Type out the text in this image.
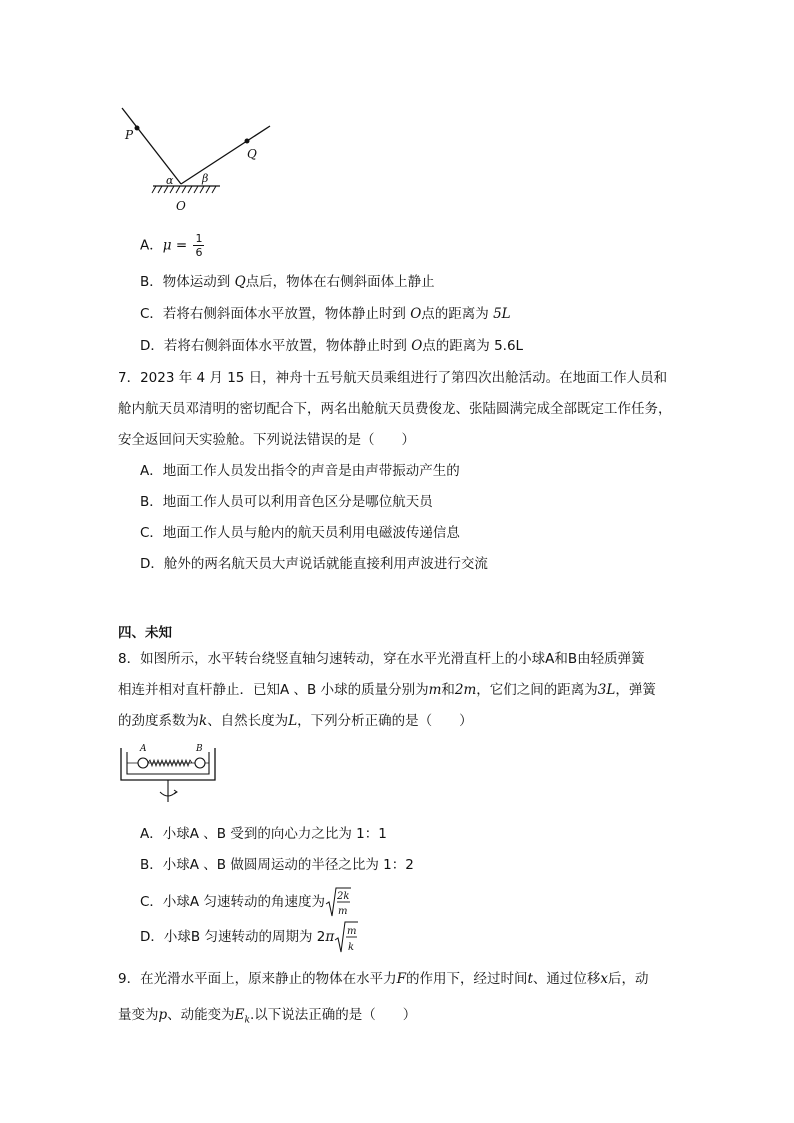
P
Q
α	β
O
A．$\mu = \frac{1}{6}$
B．物体运动到 Q点后，物体在右侧斜面体上静止
C．若将右侧斜面体水平放置，物体静止时到 O点的距离为 5L
D．若将右侧斜面体水平放置，物体静止时到 O点的距离为 5.6L
7．2023 年 4 月 15 日，神舟十五号航天员乘组进行了第四次出舱活动。在地面工作人员和
舱内航天员邓清明的密切配合下，两名出舱航天员费俊龙、张陆圆满完成全部既定工作任务，
安全返回问天实验舱。下列说法错误的是（　　）
A．地面工作人员发出指令的声音是由声带振动产生的
B．地面工作人员可以利用音色区分是哪位航天员
C．地面工作人员与舱内的航天员利用电磁波传递信息
D．舱外的两名航天员大声说话就能直接利用声波进行交流
四、未知
8．如图所示，水平转台绕竖直轴匀速转动，穿在水平光滑直杆上的小球A和B由轻质弹簧
相连并相对直杆静止．已知A 、B 小球的质量分别为m和2m，它们之间的距离为3L，弹簧
的劲度系数为k、自然长度为L，下列分析正确的是（　　）
A	B
A．小球A 、B 受到的向心力之比为 1：1
B．小球A 、B 做圆周运动的半径之比为 1：2
C．小球A 匀速转动的角速度为 2k
m
D．小球B 匀速转动的周期为 2π m
k
9．在光滑水平面上，原来静止的物体在水平力F的作用下，经过时间t、通过位移x后，动
量变为p、动能变为$E_k$.以下说法正确的是（　　）
